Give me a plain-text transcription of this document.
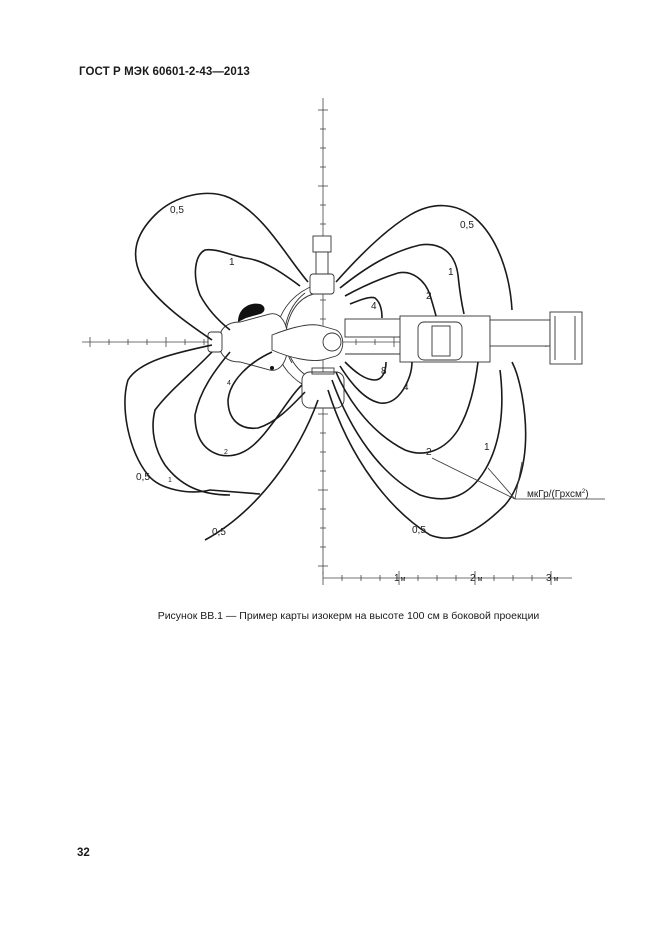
ГОСТ Р МЭК 60601-2-43—2013
1м	2 м	3 м
0,5
1
4
2
1
0,5
0,5
0,5
1
2
4
8
4
2	1
0,5
мкГр/(Грхсм$^2$)
Рисунок ВВ.1 — Пример карты изокерм на высоте 100 см в боковой проекции
32
